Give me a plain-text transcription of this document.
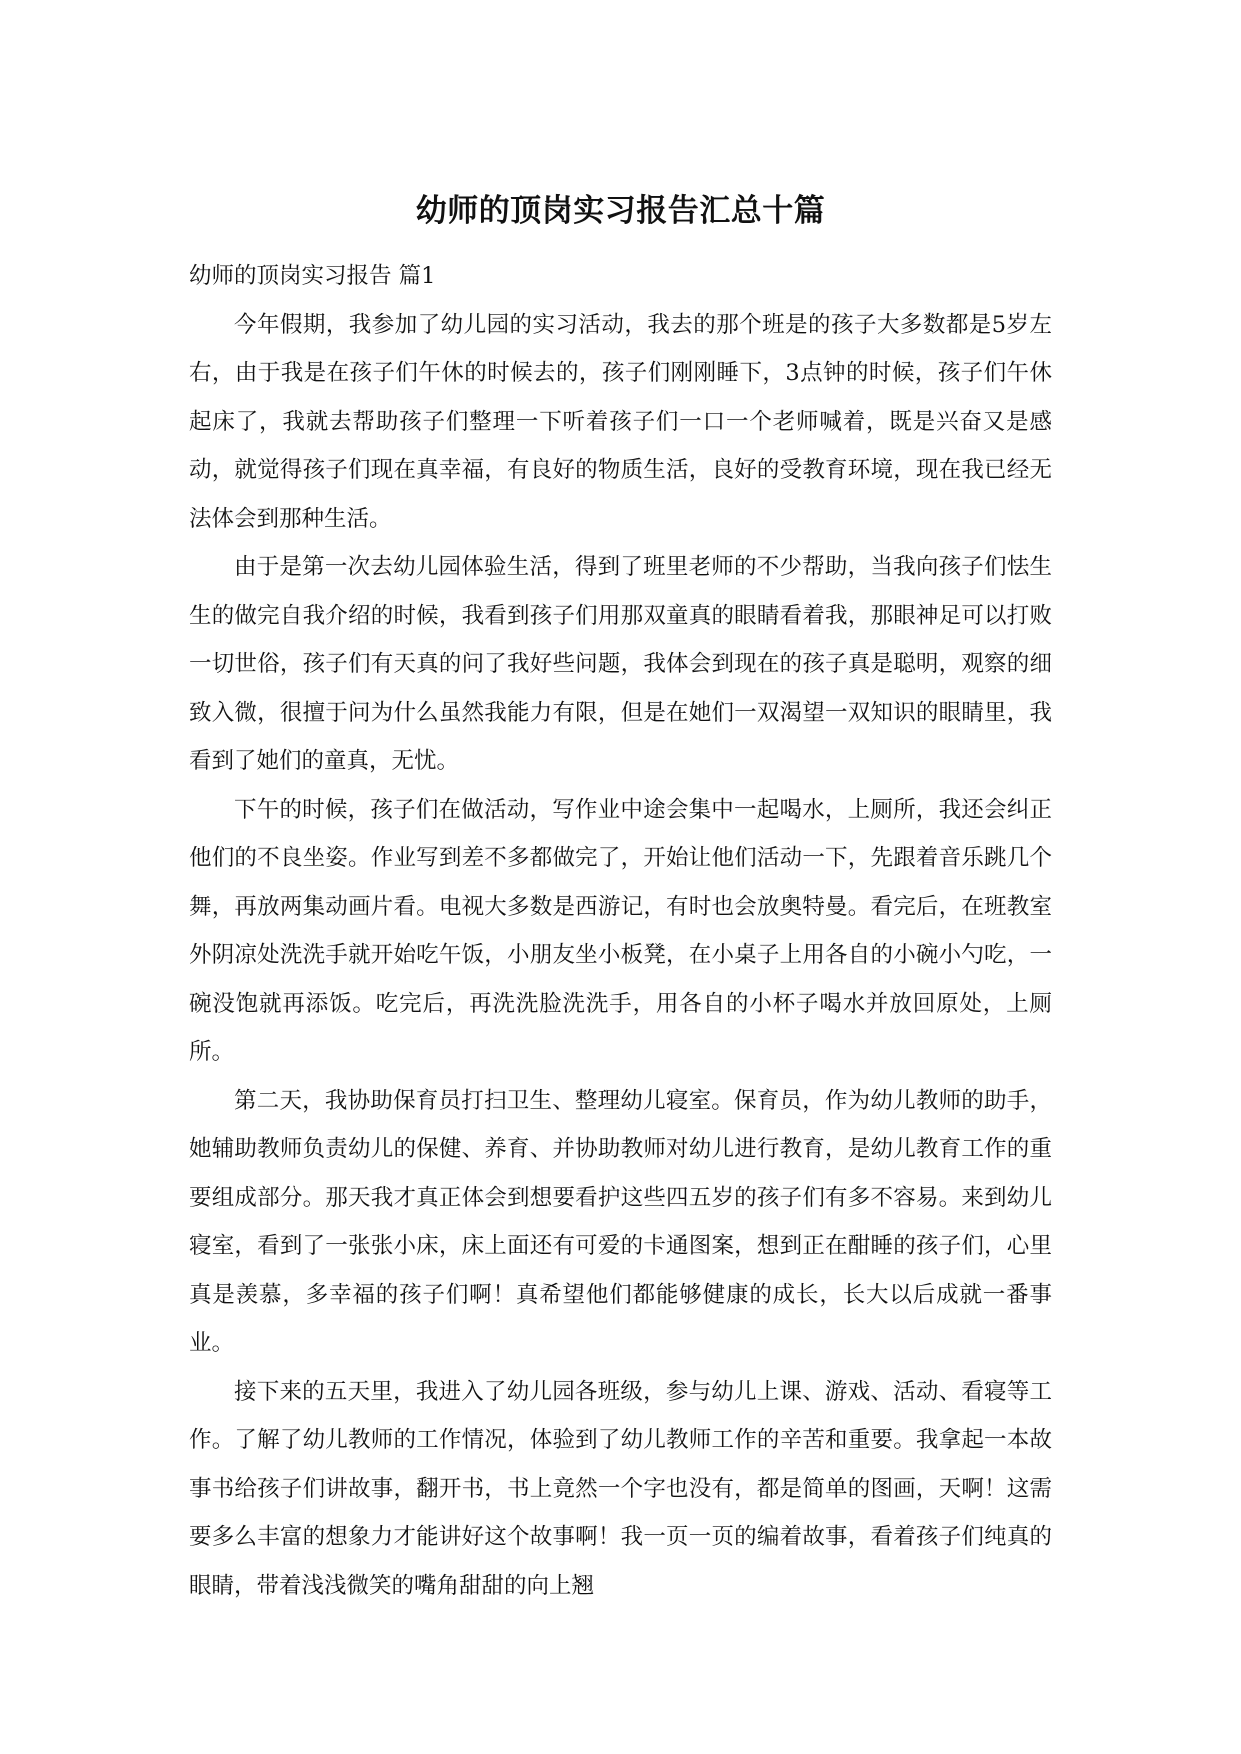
幼师的顶岗实习报告汇总十篇

幼师的顶岗实习报告 篇1

今年假期，我参加了幼儿园的实习活动，我去的那个班是的孩子大多数都是5岁左右，由于我是在孩子们午休的时候去的，孩子们刚刚睡下，3点钟的时候，孩子们午休起床了，我就去帮助孩子们整理一下听着孩子们一口一个老师喊着，既是兴奋又是感动，就觉得孩子们现在真幸福，有良好的物质生活，良好的受教育环境，现在我已经无法体会到那种生活。

由于是第一次去幼儿园体验生活，得到了班里老师的不少帮助，当我向孩子们怯生生的做完自我介绍的时候，我看到孩子们用那双童真的眼睛看着我，那眼神足可以打败一切世俗，孩子们有天真的问了我好些问题，我体会到现在的孩子真是聪明，观察的细致入微，很擅于问为什么虽然我能力有限，但是在她们一双渴望一双知识的眼睛里，我看到了她们的童真，无忧。

下午的时候，孩子们在做活动，写作业中途会集中一起喝水，上厕所，我还会纠正他们的不良坐姿。作业写到差不多都做完了，开始让他们活动一下，先跟着音乐跳几个舞，再放两集动画片看。电视大多数是西游记，有时也会放奥特曼。看完后，在班教室外阴凉处洗洗手就开始吃午饭，小朋友坐小板凳，在小桌子上用各自的小碗小勺吃，一碗没饱就再添饭。吃完后，再洗洗脸洗洗手，用各自的小杯子喝水并放回原处，上厕所。

第二天，我协助保育员打扫卫生、整理幼儿寝室。保育员，作为幼儿教师的助手，她辅助教师负责幼儿的保健、养育、并协助教师对幼儿进行教育，是幼儿教育工作的重要组成部分。那天我才真正体会到想要看护这些四五岁的孩子们有多不容易。来到幼儿寝室，看到了一张张小床，床上面还有可爱的卡通图案，想到正在酣睡的孩子们，心里真是羡慕，多幸福的孩子们啊！真希望他们都能够健康的成长，长大以后成就一番事业。

接下来的五天里，我进入了幼儿园各班级，参与幼儿上课、游戏、活动、看寝等工作。了解了幼儿教师的工作情况，体验到了幼儿教师工作的辛苦和重要。我拿起一本故事书给孩子们讲故事，翻开书，书上竟然一个字也没有，都是简单的图画，天啊！这需要多么丰富的想象力才能讲好这个故事啊！我一页一页的编着故事，看着孩子们纯真的眼睛，带着浅浅微笑的嘴角甜甜的向上翘
